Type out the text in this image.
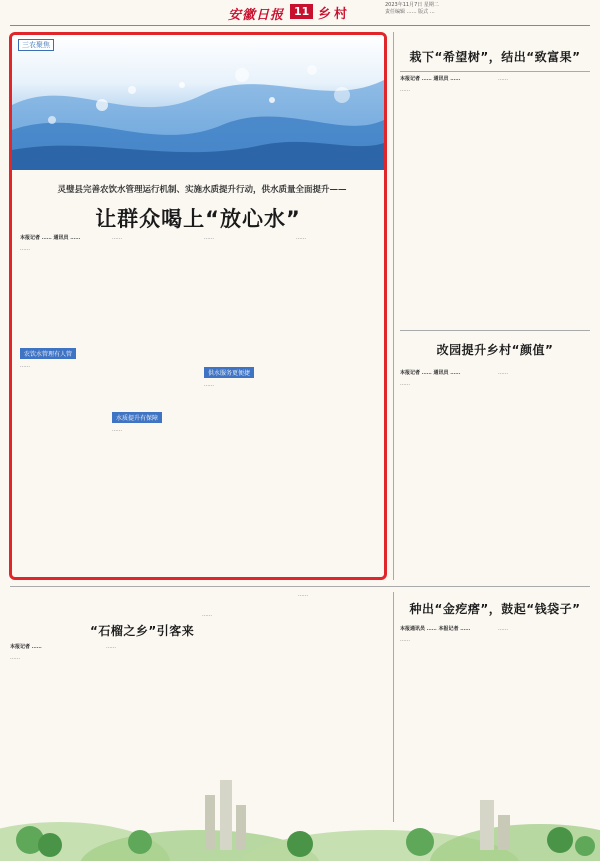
安徽日报 11 乡村
2023年11月7日 星期二
责任编辑 …… 版式 …
三农聚焦
灵璧县完善农饮水管理运行机制、实施水质提升行动，供水质量全面提升——
让群众喝上“放心水”
本报记者 …… 通讯员 ……
……
农饮水管理有人管
……
……
水质提升有保障
……
……
供水服务更便捷
……
……
栽下“希望树”，结出“致富果”
本报记者 …… 通讯员 ……
……
……
改园提升乡村“颜值”
本报记者 …… 通讯员 ……
……
……
种出“金疙瘩”，鼓起“钱袋子”
本报通讯员 …… 本报记者 ……
……
……
“石榴之乡”引客来
本报记者 ……
……
……
……
……
